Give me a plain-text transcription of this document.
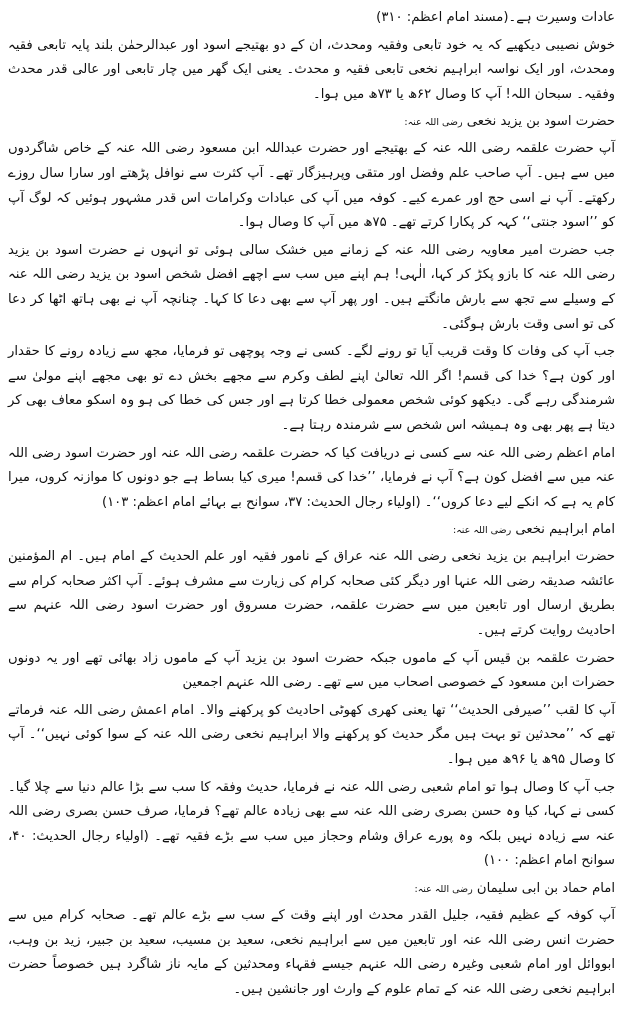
عادات وسیرت ہے۔(مسند امام اعظم: ۳۱۰)

خوش نصیبی دیکھیے کہ یہ خود تابعی وفقیہ ومحدث، ان کے دو بھتیجے اسود اور عبدالرحمٰن بلند پایہ تابعی فقیہ ومحدث، اور ایک نواسہ ابراہیم نخعی تابعی فقیہ و محدث۔ یعنی ایک گھر میں چار تابعی اور عالی قدر محدث وفقیہ۔ سبحان اللہ! آپ کا وصال ۶۲ھ یا ۷۳ھ میں ہوا۔

حضرت اسود بن یزید نخعی رضی اللہ عنہ:

آپ حضرت علقمہ رضی اللہ عنہ کے بھتیجے اور حضرت عبداللہ ابن مسعود رضی اللہ عنہ کے خاص شاگردوں میں سے ہیں۔ آپ صاحب علم وفضل اور متقی وپرہیزگار تھے۔ آپ کثرت سے نوافل پڑھتے اور سارا سال روزے رکھتے۔ آپ نے اسی حج اور عمرے کیے۔ کوفہ میں آپ کی عبادات وکرامات اس قدر مشہور ہوئیں کہ لوگ آپ کو ’’اسود جنتی‘‘ کہہ کر پکارا کرتے تھے۔ ۷۵ھ میں آپ کا وصال ہوا۔

جب حضرت امیر معاویہ رضی اللہ عنہ کے زمانے میں خشک سالی ہوئی تو انہوں نے حضرت اسود بن یزید رضی اللہ عنہ کا بازو پکڑ کر کہا، الٰہی! ہم اپنے میں سب سے اچھے افضل شخص اسود بن یزید رضی اللہ عنہ کے وسیلے سے تجھ سے بارش مانگتے ہیں۔ اور پھر آپ سے بھی دعا کا کہا۔ چنانچہ آپ نے بھی ہاتھ اٹھا کر دعا کی تو اسی وقت بارش ہوگئی۔

جب آپ کی وفات کا وقت قریب آیا تو رونے لگے۔ کسی نے وجہ پوچھی تو فرمایا، مجھ سے زیادہ رونے کا حقدار اور کون ہے؟ خدا کی قسم! اگر اللہ تعالیٰ اپنے لطف وکرم سے مجھے بخش دے تو بھی مجھے اپنے مولیٰ سے شرمندگی رہے گی۔ دیکھو کوئی شخص معمولی خطا کرتا ہے اور جس کی خطا کی ہو وہ اسکو معاف بھی کر دیتا ہے پھر بھی وہ ہمیشہ اس شخص سے شرمندہ رہتا ہے۔

امام اعظم رضی اللہ عنہ سے کسی نے دریافت کیا کہ حضرت علقمہ رضی اللہ عنہ اور حضرت اسود رضی اللہ عنہ میں سے افضل کون ہے؟ آپ نے فرمایا، ’’خدا کی قسم! میری کیا بساط ہے جو دونوں کا موازنہ کروں، میرا کام یہ ہے کہ انکے لیے دعا کروں‘‘۔ (اولیاء رجال الحدیث: ۳۷، سوانح بے بہائے امام اعظم: ۱۰۳)

امام ابراہیم نخعی رضی اللہ عنہ:

حضرت ابراہیم بن یزید نخعی رضی اللہ عنہ عراق کے نامور فقیہ اور علم الحدیث کے امام ہیں۔ ام المؤمنین عائشہ صدیقہ رضی اللہ عنہا اور دیگر کئی صحابہ کرام کی زیارت سے مشرف ہوئے۔ آپ اکثر صحابہ کرام سے بطریق ارسال اور تابعین میں سے حضرت علقمہ، حضرت مسروق اور حضرت اسود رضی اللہ عنہم سے احادیث روایت کرتے ہیں۔

حضرت علقمہ بن قیس آپ کے ماموں جبکہ حضرت اسود بن یزید آپ کے ماموں زاد بھائی تھے اور یہ دونوں حضرات ابن مسعود کے خصوصی اصحاب میں سے تھے۔ رضی اللہ عنہم اجمعین

آپ کا لقب ’’صیرفی الحدیث‘‘ تھا یعنی کھری کھوٹی احادیث کو پرکھنے والا۔ امام اعمش رضی اللہ عنہ فرماتے تھے کہ ’’محدثین تو بہت ہیں مگر حدیث کو پرکھنے والا ابراہیم نخعی رضی اللہ عنہ کے سوا کوئی نہیں‘‘۔ آپ کا وصال ۹۵ھ یا ۹۶ھ میں ہوا۔

جب آپ کا وصال ہوا تو امام شعبی رضی اللہ عنہ نے فرمایا، حدیث وفقہ کا سب سے بڑا عالم دنیا سے چلا گیا۔ کسی نے کہا، کیا وہ حسن بصری رضی اللہ عنہ سے بھی زیادہ عالم تھے؟ فرمایا، صرف حسن بصری رضی اللہ عنہ سے زیادہ نہیں بلکہ وہ پورے عراق وشام وحجاز میں سب سے بڑے فقیہ تھے۔ (اولیاء رجال الحدیث: ۴۰، سوانح امام اعظم: ۱۰۰)

امام حماد بن ابی سلیمان رضی اللہ عنہ:

آپ کوفہ کے عظیم فقیہ، جلیل القدر محدث اور اپنے وقت کے سب سے بڑے عالم تھے۔ صحابہ کرام میں سے حضرت انس رضی اللہ عنہ اور تابعین میں سے ابراہیم نخعی، سعید بن مسیب، سعید بن جبیر، زید بن وہب، ابووائل اور امام شعبی وغیرہ رضی اللہ عنہم جیسے فقہاء ومحدثین کے مایہ ناز شاگرد ہیں خصوصاً حضرت ابراہیم نخعی رضی اللہ عنہ کے تمام علوم کے وارث اور جانشین ہیں۔
